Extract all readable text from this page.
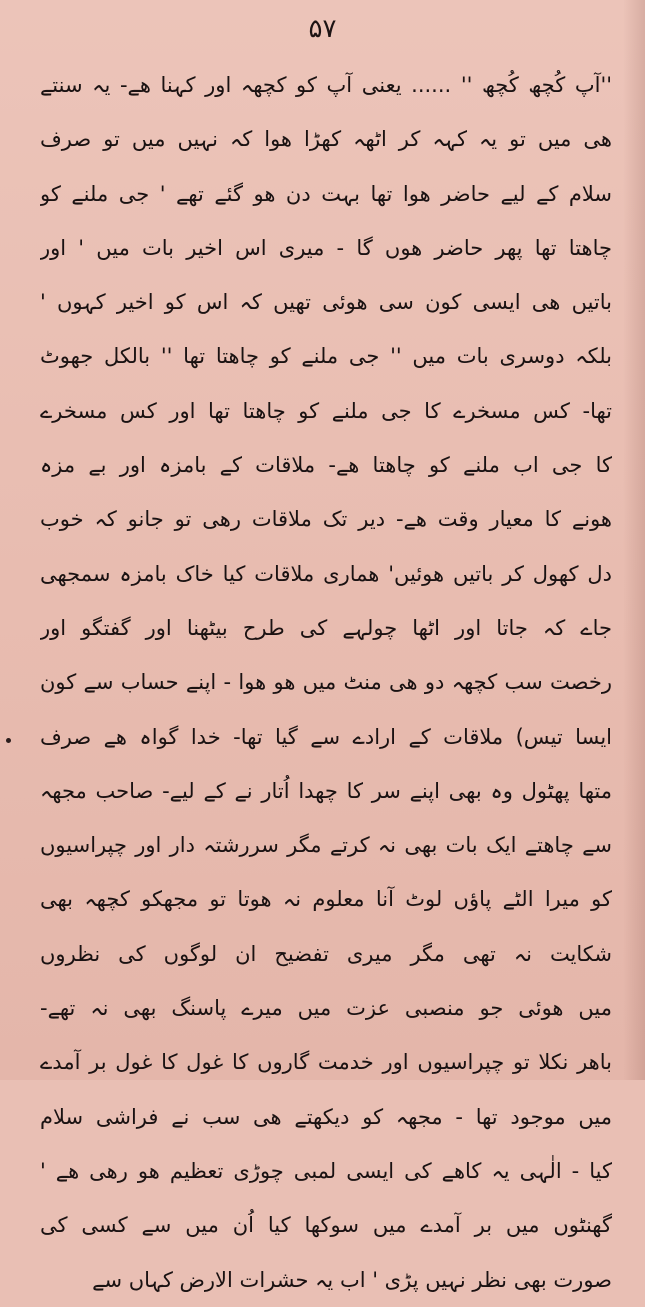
۵۷
''آپ کُچھ کُچھ '' ...... یعنی آپ کو کچھہ اور کہنا ھے- یہ سنتے
ھی میں تو یہ کہہ کر اٹھہ کھڑا ھوا کہ نہیں میں تو صرف
سلام کے لیے حاضر ھوا تھا بہت دن ھو گئے تھے ' جی ملنے کو
چاھتا تھا پھر حاضر ھوں گا - میری اس اخیر بات میں ' اور
باتیں ھی ایسی کون سی ھوئی تھیں کہ اس کو اخیر کہوں '
بلکہ دوسری بات میں '' جی ملنے کو چاھتا تھا '' بالکل جھوٹ
تھا- کس مسخرے کا جی ملنے کو چاھتا تھا اور کس مسخرے
کا جی اب ملنے کو چاھتا ھے- ملاقات کے بامزہ اور بے مزہ
ھونے کا معیار وقت ھے- دیر تک ملاقات رھی تو جانو کہ خوب
دل کھول کر باتیں ھوئیں' ھماری ملاقات کیا خاک بامزہ سمجھی
جاے کہ جاتا اور اٹھا چولہے کی طرح بیٹھنا اور گفتگو اور
رخصت سب کچھہ دو ھی منٹ میں ھو ھوا - اپنے حساب سے کون
ایسا تیس) ملاقات کے ارادے سے گیا تھا- خدا گواہ ھے صرف
متھا پھٹول وہ بھی اپنے سر کا چھدا اُتار نے کے لیے- صاحب مجھہ
سے چاھتے ایک بات بھی نہ کرتے مگر سررشتہ دار اور چپراسیوں
کو میرا الٹے پاؤں لوٹ آنا معلوم نہ ھوتا تو مجھکو کچھہ بھی
شکایت نہ تھی مگر میری تفضیح ان لوگوں کی نظروں
میں ھوئی جو منصبی عزت میں میرے پاسنگ بھی نہ تھے-
باھر نکلا تو چپراسیوں اور خدمت گاروں کا غول کا غول بر آمدے
میں موجود تھا - مجھہ کو دیکھتے ھی سب نے فراشی سلام
کیا - الٰہی یہ کاھے کی ایسی لمبی چوڑی تعظیم ھو رھی ھے '
گھنٹوں میں بر آمدے میں سوکھا کیا اُن میں سے کسی کی
صورت بھی نظر نہیں پڑی ' اب یہ حشرات الارض کہاں سے
